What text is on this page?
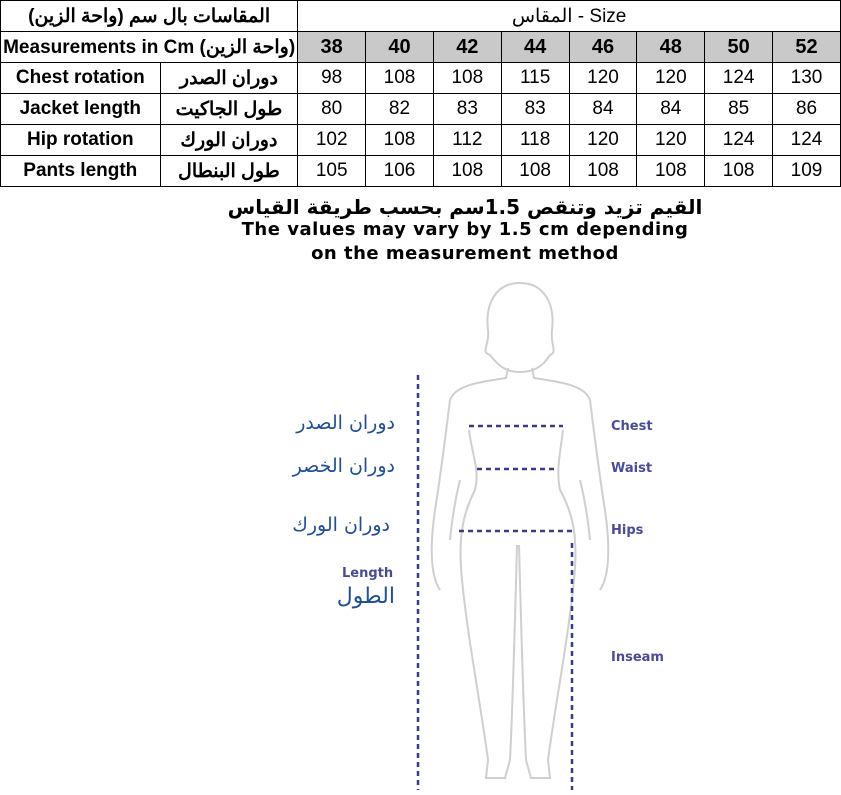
المقاسات بال سم (واحة الزين)		المقاس - Size							
Measurements in Cm (واحة الزين)		38	40	42	44	46	48	50	52
Chest rotation	دوران الصدر	98	108	108	115	120	120	124	130
Jacket length	طول الجاكيت	80	82	83	83	84	84	85	86
Hip rotation	دوران الورك	102	108	112	118	120	120	124	124
Pants length	طول البنطال	105	106	108	108	108	108	108	109
القيم تزيد وتنقص 1.5سم بحسب طريقة القياس
The values may vary by 1.5 cm depending
on the measurement method
دوران الصدر
دوران الخصر
دوران الورك
Length
الطول
Chest
Waist
Hips
Inseam
